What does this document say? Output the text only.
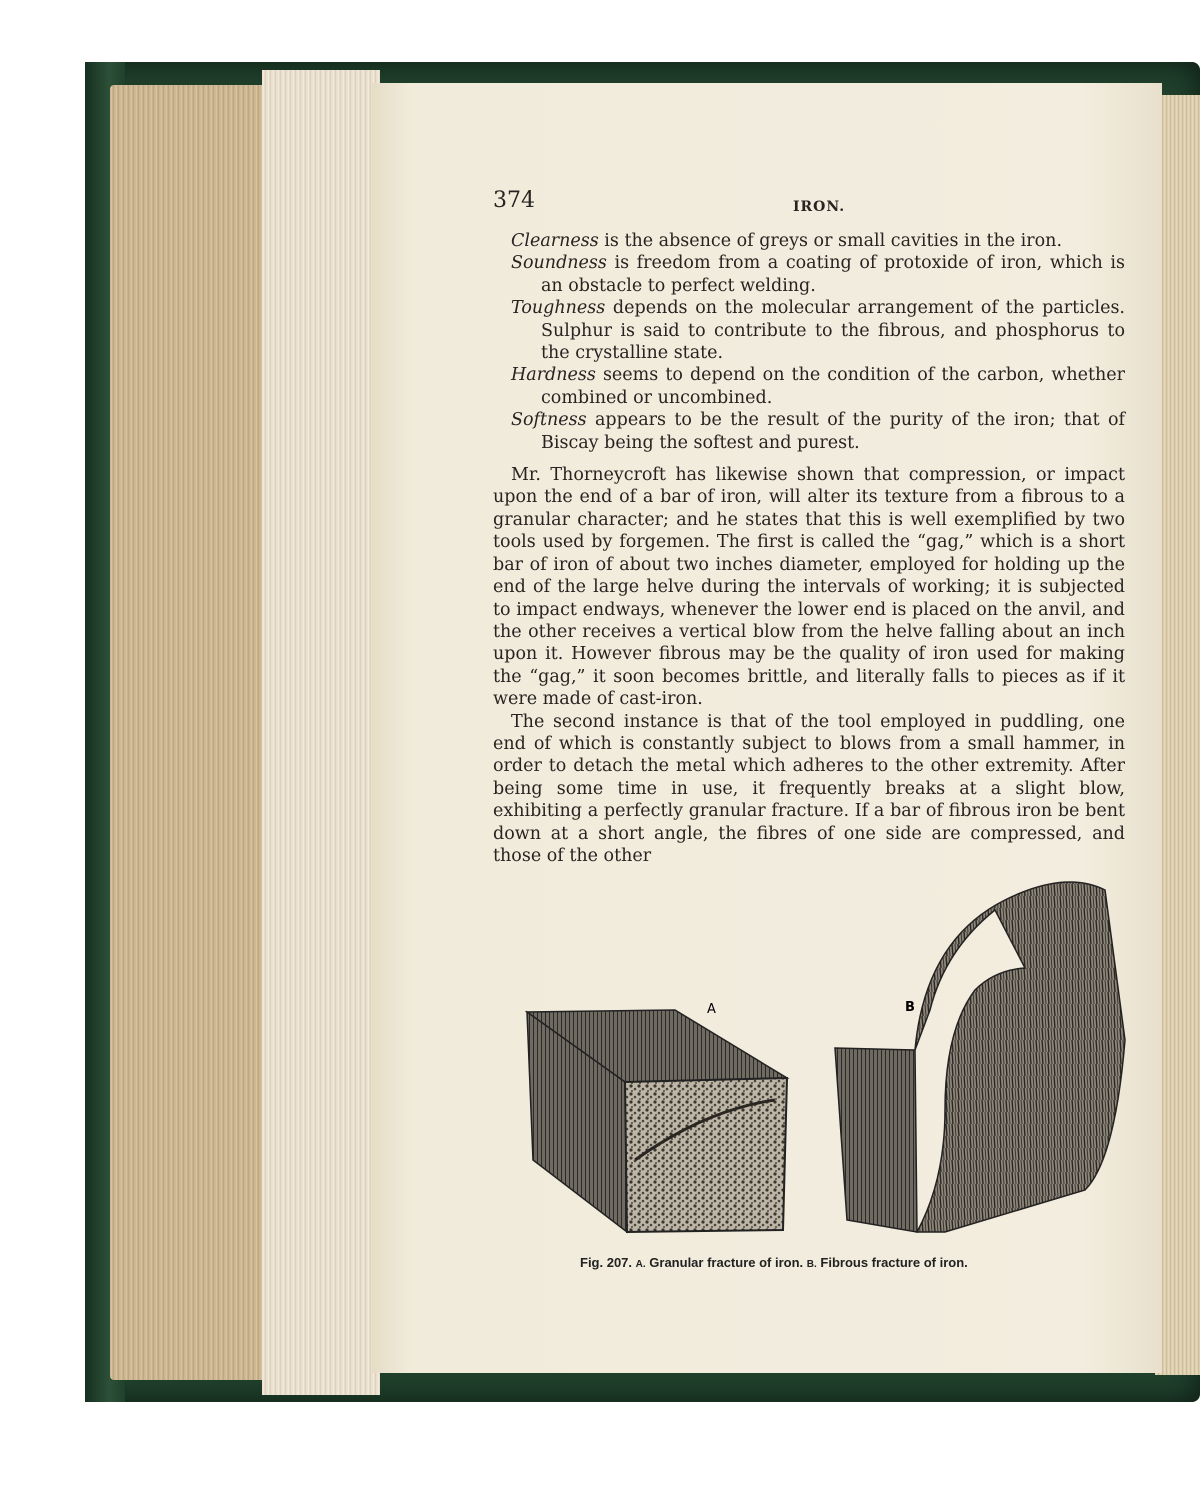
374	IRON.

Clearness is the absence of greys or small cavities in the iron.

Soundness is freedom from a coating of protoxide of iron, which is an obstacle to perfect welding.

Toughness depends on the molecular arrangement of the particles. Sulphur is said to contribute to the fibrous, and phosphorus to the crystalline state.

Hardness seems to depend on the condition of the carbon, whether combined or uncombined.

Softness appears to be the result of the purity of the iron; that of Biscay being the softest and purest.

Mr. Thorneycroft has likewise shown that compression, or impact upon the end of a bar of iron, will alter its texture from a fibrous to a granular character; and he states that this is well exemplified by two tools used by forgemen. The first is called the “gag,” which is a short bar of iron of about two inches diameter, employed for holding up the end of the large helve during the intervals of working; it is subjected to impact endways, whenever the lower end is placed on the anvil, and the other receives a vertical blow from the helve falling about an inch upon it. However fibrous may be the quality of iron used for making the “gag,” it soon becomes brittle, and literally falls to pieces as if it were made of cast-iron.

The second instance is that of the tool employed in puddling, one end of which is constantly subject to blows from a small hammer, in order to detach the metal which adheres to the other extremity. After being some time in use, it frequently breaks at a slight blow, exhibiting a perfectly granular fracture. If a bar of fibrous iron be bent down at a short angle, the fibres of one side are compressed, and those of the other

A	B
Fig. 207. A. Granular fracture of iron. B. Fibrous fracture of iron.
